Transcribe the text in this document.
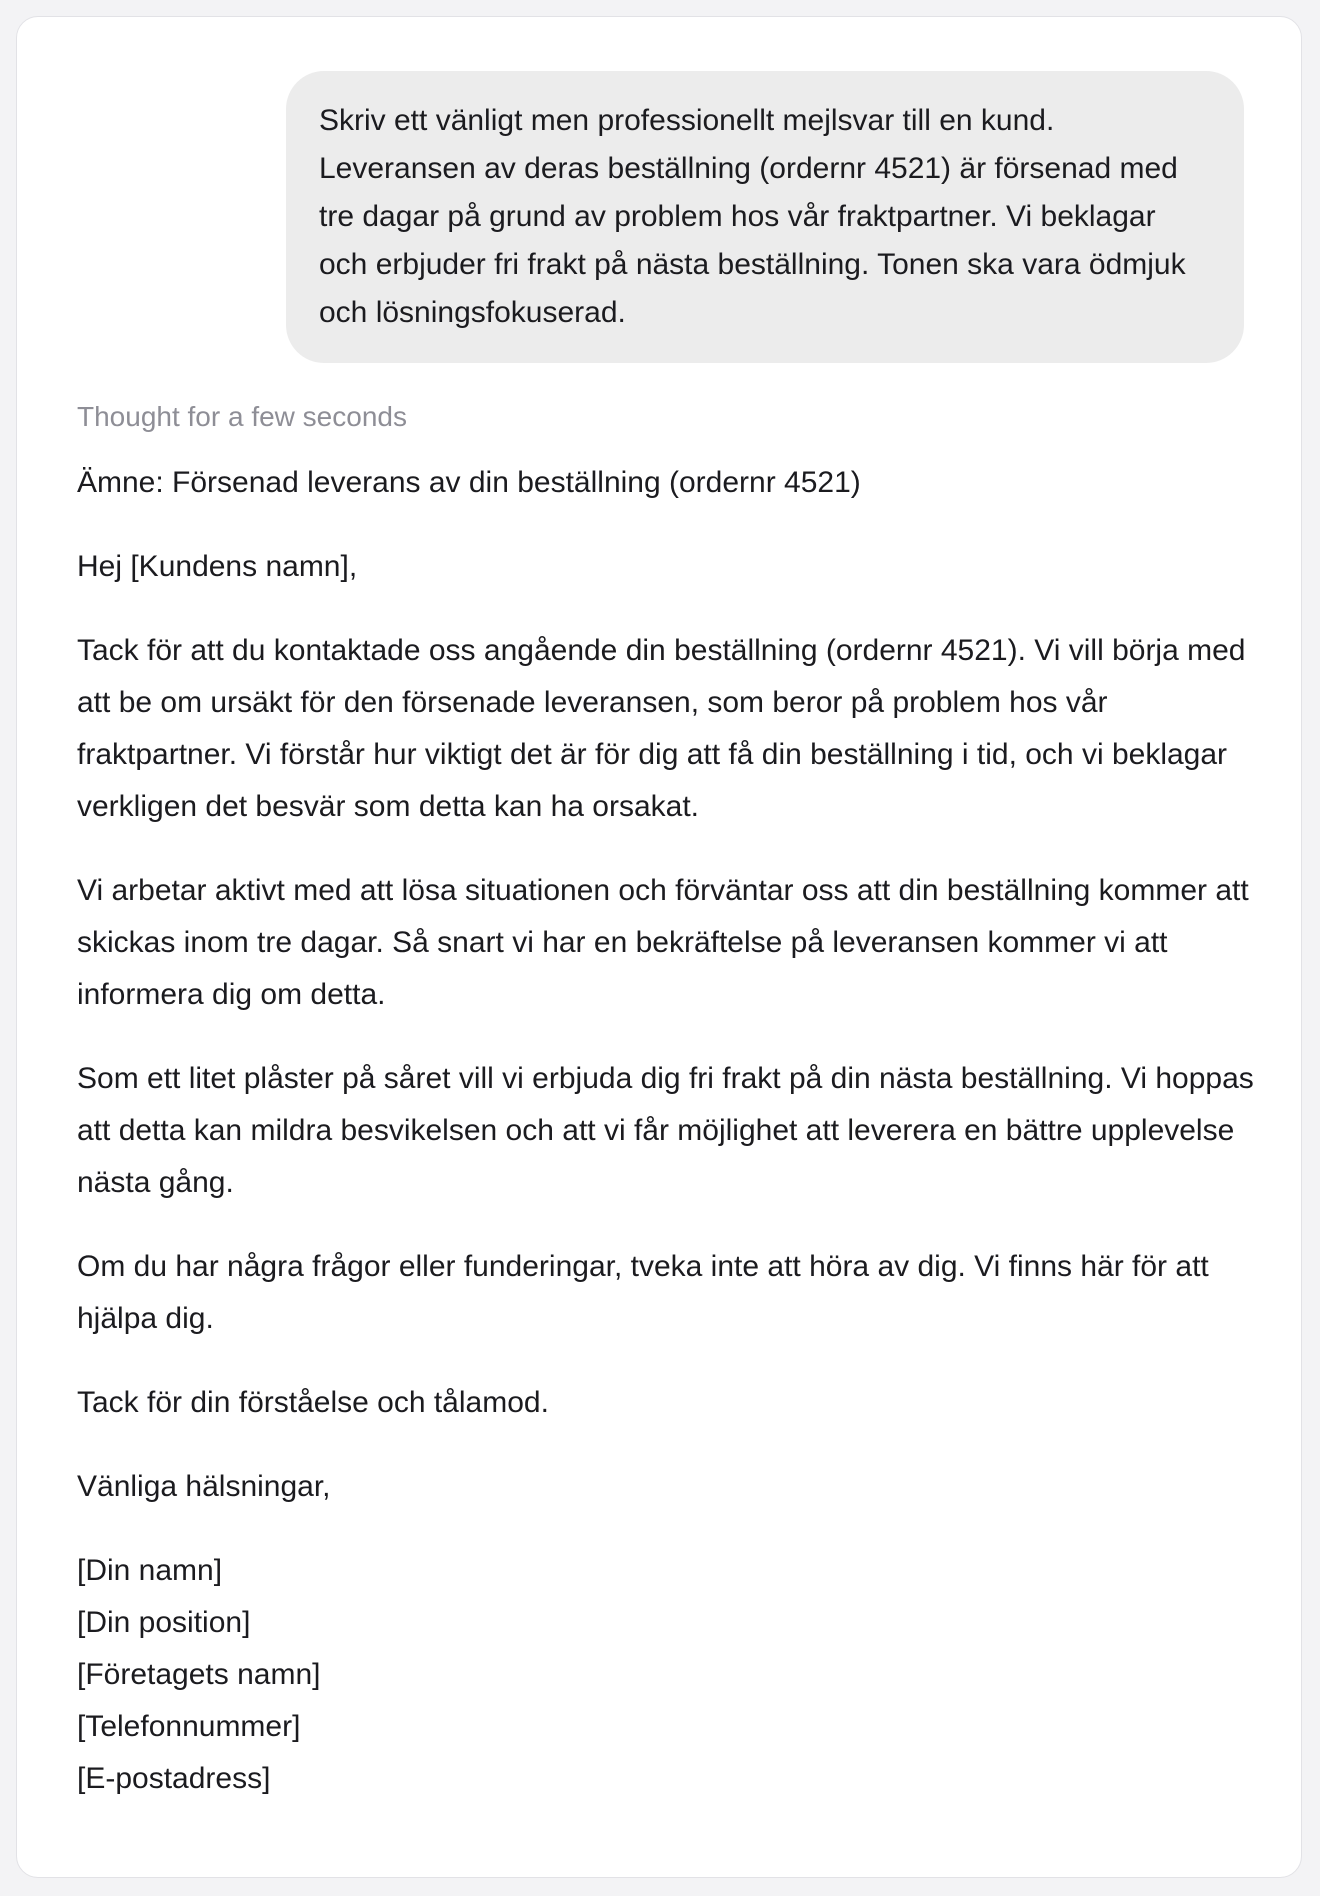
Skriv ett vänligt men professionellt mejlsvar till en kund. Leveransen av deras beställning (ordernr 4521) är försenad med tre dagar på grund av problem hos vår fraktpartner. Vi beklagar och erbjuder fri frakt på nästa beställning. Tonen ska vara ödmjuk och lösningsfokuserad.
Thought for a few seconds

Ämne: Försenad leverans av din beställning (ordernr 4521)

Hej [Kundens namn],

Tack för att du kontaktade oss angående din beställning (ordernr 4521). Vi vill börja med att be om ursäkt för den försenade leveransen, som beror på problem hos vår fraktpartner. Vi förstår hur viktigt det är för dig att få din beställning i tid, och vi beklagar verkligen det besvär som detta kan ha orsakat.

Vi arbetar aktivt med att lösa situationen och förväntar oss att din beställning kommer att skickas inom tre dagar. Så snart vi har en bekräftelse på leveransen kommer vi att informera dig om detta.

Som ett litet plåster på såret vill vi erbjuda dig fri frakt på din nästa beställning. Vi hoppas att detta kan mildra besvikelsen och att vi får möjlighet att leverera en bättre upplevelse nästa gång.

Om du har några frågor eller funderingar, tveka inte att höra av dig. Vi finns här för att hjälpa dig.

Tack för din förståelse och tålamod.

Vänliga hälsningar,

[Din namn]
[Din position]
[Företagets namn]
[Telefonnummer]
[E-postadress]
